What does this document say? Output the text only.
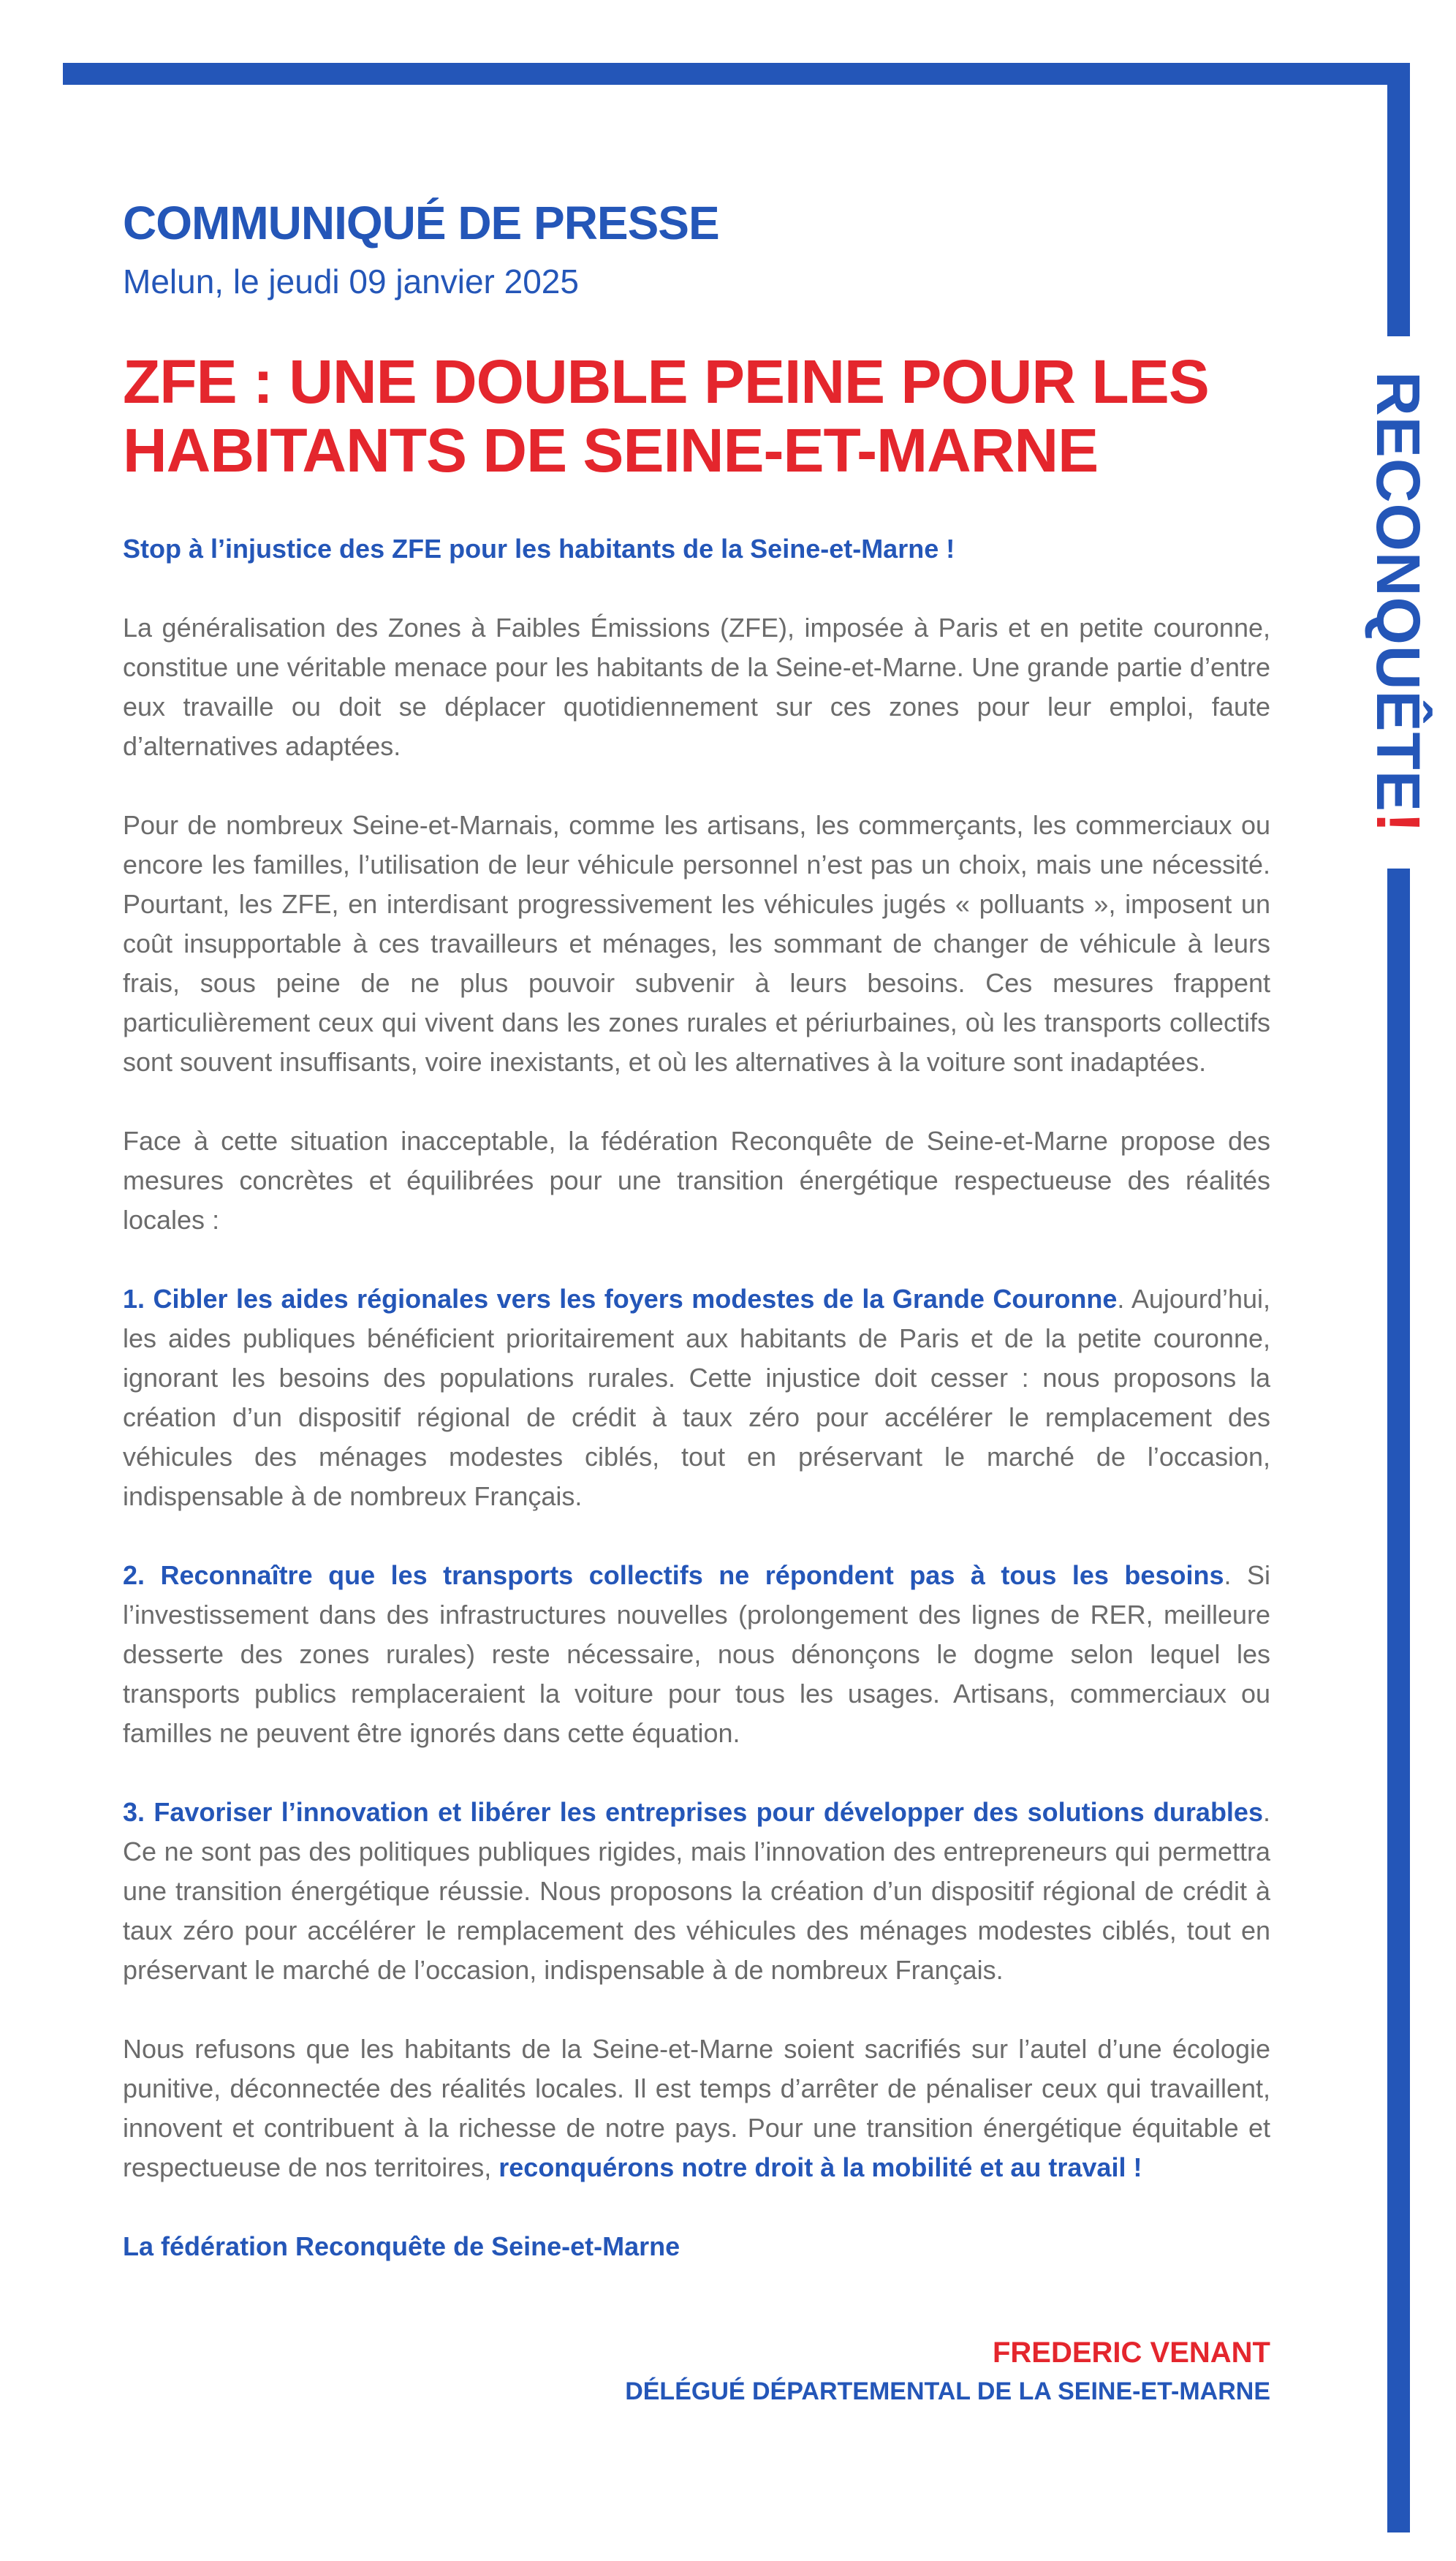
RECONQUÊTE!
COMMUNIQUÉ DE PRESSE
Melun, le jeudi 09 janvier 2025
ZFE : UNE DOUBLE PEINE POUR LES
HABITANTS DE SEINE-ET-MARNE

Stop à l’injustice des ZFE pour les habitants de la Seine-et-Marne !

La généralisation des Zones à Faibles Émissions (ZFE), imposée à Paris et en petite couronne, constitue une véritable menace pour les habitants de la Seine-et-Marne. Une grande partie d’entre eux travaille ou doit se déplacer quotidiennement sur ces zones pour leur emploi, faute d’alternatives adaptées.

Pour de nombreux Seine-et-Marnais, comme les artisans, les commerçants, les commerciaux ou encore les familles, l’utilisation de leur véhicule personnel n’est pas un choix, mais une nécessité. Pourtant, les ZFE, en interdisant progressivement les véhicules jugés « polluants », imposent un coût insupportable à ces travailleurs et ménages, les sommant de changer de véhicule à leurs frais, sous peine de ne plus pouvoir subvenir à leurs besoins. Ces mesures frappent particulièrement ceux qui vivent dans les zones rurales et périurbaines, où les transports collectifs sont souvent insuffisants, voire inexistants, et où les alternatives à la voiture sont inadaptées.

Face à cette situation inacceptable, la fédération Reconquête de Seine-et-Marne propose des mesures concrètes et équilibrées pour une transition énergétique respectueuse des réalités locales :

1. Cibler les aides régionales vers les foyers modestes de la Grande Couronne. Aujourd’hui, les aides publiques bénéficient prioritairement aux habitants de Paris et de la petite couronne, ignorant les besoins des populations rurales. Cette injustice doit cesser : nous proposons la création d’un dispositif régional de crédit à taux zéro pour accélérer le remplacement des véhicules des ménages modestes ciblés, tout en préservant le marché de l’occasion, indispensable à de nombreux Français.

2. Reconnaître que les transports collectifs ne répondent pas à tous les besoins. Si l’investissement dans des infrastructures nouvelles (prolongement des lignes de RER, meilleure desserte des zones rurales) reste nécessaire, nous dénonçons le dogme selon lequel les transports publics remplaceraient la voiture pour tous les usages. Artisans, commerciaux ou familles ne peuvent être ignorés dans cette équation.

3. Favoriser l’innovation et libérer les entreprises pour développer des solutions durables. Ce ne sont pas des politiques publiques rigides, mais l’innovation des entrepreneurs qui permettra une transition énergétique réussie. Nous proposons la création d’un dispositif régional de crédit à taux zéro pour accélérer le remplacement des véhicules des ménages modestes ciblés, tout en préservant le marché de l’occasion, indispensable à de nombreux Français.

Nous refusons que les habitants de la Seine-et-Marne soient sacrifiés sur l’autel d’une écologie punitive, déconnectée des réalités locales. Il est temps d’arrêter de pénaliser ceux qui travaillent, innovent et contribuent à la richesse de notre pays. Pour une transition énergétique équitable et respectueuse de nos territoires, reconquérons notre droit à la mobilité et au travail !

La fédération Reconquête de Seine-et-Marne

FREDERIC VENANT
DÉLÉGUÉ DÉPARTEMENTAL DE LA SEINE-ET-MARNE
